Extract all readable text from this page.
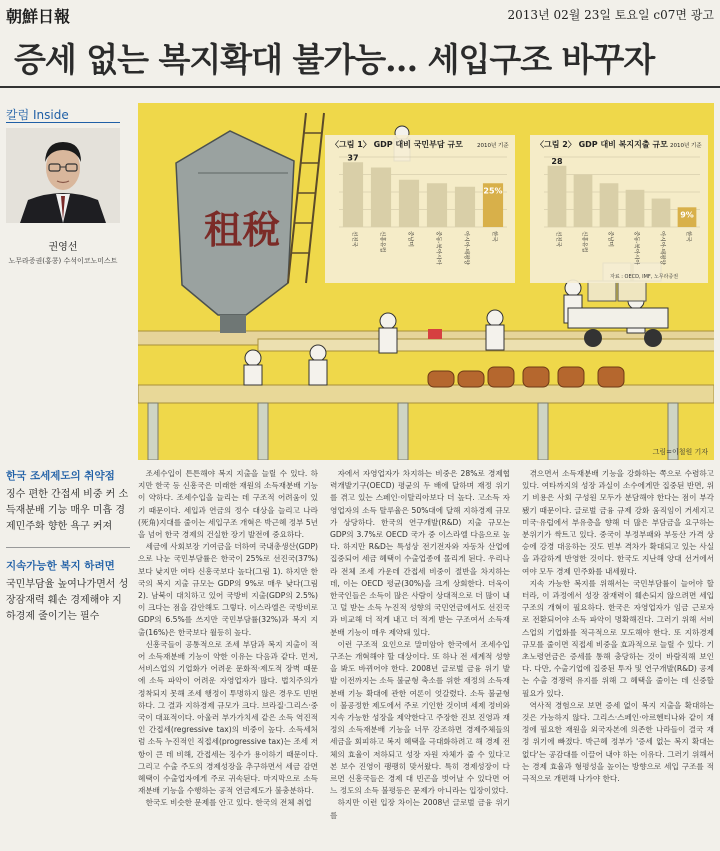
朝鮮日報	2013년 02월 23일 토요일 c07면 광고
증세 없는 복지확대 불가능… 세입구조 바꾸자
칼럼 Inside
권영선
노무라증권(홍콩) 수석이코노미스트
租稅
〈그림 1〉 GDP 대비 국민부담 규모	2010년 기준
37
선진국	신흥유럽	중남미	중동·북아시아	아시아·태평양
25%
한국
〈그림 2〉 GDP 대비 복지지출 규모 2010년 기준
28
선진국	신흥유럽	중남미	중동·북아시아	아시아·태평양
9%
한국
자료 : OECD, IMF, 노무라증권
그림=이철원 기자
한국 조세제도의 취약점

징수 편한 간접세 비중 커 소득재분배 기능 매우 미흡 경제민주화 향한 욕구 커져

지속가능한 복지 하려면

국민부담율 높여나가면서 성장잠재력 훼손 경제해야 지하경제 줄이기는 필수

조세수입이 튼튼해야 복지 지출을 늘릴 수 있다. 하지만 한국 등 신흥국은 미래한 재원의 소득재분배 기능이 약하다. 조세수입을 늘리는 데 구조적 어려움이 있기 때문이다. 세입과 연금의 정수 대상을 늘리고 나라(死角)지대를 줄이는 세입구조 개혁은 박근혜 정부 5년을 넘어 한국 경제의 건실한 장기 발전에 중요하다.

세금에 사회보장 기여금을 더하여 국내총생산(GDP)으로 나눈 국민부담률은 한국이 25%로 선진국(37%)보다 낮지만 여타 신흥국보다 높다(그림 1). 하지만 한국의 복지 지출 규모는 GDP의 9%로 매우 낮다(그림 2). 남북이 대치하고 있어 국방비 지출(GDP의 2.5%)이 크다는 점을 감안해도 그렇다. 이스라엘은 국방비로 GDP의 6.5%를 쓰지만 국민부담률(32%)과 복지 지출(16%)은 한국보다 월등히 높다.

신흥국들이 공통적으로 조세 부담과 복지 지출이 적어 소득재분배 기능이 약한 이유는 다음과 같다. 먼저, 서비스업의 기업화가 어려운 문화적·제도적 장벽 때문에 소득 파악이 어려운 자영업자가 많다. 법치주의가 정착되지 못해 조세 행정이 투명하지 않은 경우도 빈번하다. 그 결과 지하경제 규모가 크다. 브라질·그리스·중국이 대표적이다. 아울러 부가가치세 같은 소득 역진적인 간접세(regressive tax)의 비중이 높다. 소득세처럼 소득 누진적인 직접세(progressive tax)는 조세 저항이 큰 데 비해, 간접세는 징수가 용이하기 때문이다. 그리고 수출 주도의 경제성장을 추구하면서 세금 감면 혜택이 수출업자에게 주로 귀속된다. 마지막으로 소득재분배 기능을 수행하는 공적 연금제도가 불충분하다.

한국도 비슷한 문제를 안고 있다. 한국의 전체 취업

자에서 자영업자가 차지하는 비중은 28%로 경제협력개발기구(OECD) 평균의 두 배에 달하며 재정 위기를 겪고 있는 스페인·이탈리아보다 더 높다. 고소득 자영업자의 소득 탈루율은 50%대에 달해 지하경제 규모가 상당하다. 한국의 연구개발(R&D) 지출 규모는 GDP의 3.7%로 OECD 국가 중 이스라엘 다음으로 높다. 하지만 R&D는 특성상 전기전자와 자동차 산업에 집중되어 세금 혜택이 수출업종에 몰리게 된다. 우리나라 전체 조세 가운데 간접세 비중이 절반을 차지하는데, 이는 OECD 평균(30%)을 크게 상회한다. 더욱이 한국인들은 소득이 많은 사람이 상대적으로 더 많이 내고 덜 받는 소득 누진적 성향의 국민연금에서도 선진국과 비교해 더 적게 내고 더 적게 받는 구조여서 소득재분배 기능이 매우 제약돼 있다.

이런 구조적 요인으로 말미암아 한국에서 조세수입 구조는 개혁해야 할 대상이다. 또 하나 전 세계적 성향을 봐도 바뀌어야 한다. 2008년 글로벌 금융 위기 발발 이전까지는 소득 불균형 축소를 위한 재정의 소득재분배 기능 확대에 관한 여론이 엇갈렸다. 소득 불균형이 불공정한 제도에서 주로 기인한 것이며 세제 정비와 지속 가능한 성장을 제약한다고 주장한 진보 진영과 재정의 소득재분배 기능을 너무 강조하면 경제주체들의 세금을 회피하고 복지 혜택을 극대화하려고 해 경제 전체의 효율이 저하되고 성장 자원 자체가 줄 수 있다고 본 보수 진영이 팽팽히 맞서왔다. 특히 경제성장이 다르면 신흥국들은 경제 대 빈곤을 벗어날 수 있다면 어느 정도의 소득 불평등은 문제가 아니라는 입장이었다.

하지만 이런 입장 차이는 2008년 글로벌 금융 위기를

겪으면서 소득재분배 기능을 강화하는 쪽으로 수렴하고 있다. 여타까지의 성장 과실이 소수에게만 집중된 반면, 위기 비용은 사회 구성원 모두가 분담해야 한다는 점이 부각됐기 때문이다. 글로벌 금융 규제 강화 움직임이 거세지고 미국·유럽에서 부유층을 향해 더 많은 부담금을 요구하는 분위기가 싹트고 있다. 중국이 부정부패와 부동산 가격 상승에 강경 대응하는 것도 빈부 격차가 확대되고 있는 사실을 과감하게 반영한 것이다. 한국도 지난해 양대 선거에서 여야 모두 경제 민주화를 내세웠다.

지속 가능한 복지를 위해서는 국민부담률이 늘어야 할 터라, 이 과정에서 성장 잠재력이 훼손되지 않으려면 세입 구조의 개혁이 필요하다. 한국은 자영업자가 임금 근로자로 전환되어야 소득 파악이 명확해진다. 그러기 위해 서비스업의 기업화를 적극적으로 모도해야 한다. 또 지하경제 규모를 줄이면 직접세 비중을 효과적으로 늘릴 수 있다. 기초노령연금은 증세를 통해 충당하는 것이 바람직해 보인다. 다만, 수출기업에 집중된 투자 및 연구개발(R&D) 공제는 수출 경쟁력 유지를 위해 그 혜택을 줄이는 데 신중할 필요가 있다.

역사적 경험으로 보면 증세 없이 복지 지출을 확대하는 것은 가능하지 않다. 그리스·스페인·아르헨티나와 같이 재정에 필요한 재원을 외국자본에 의존한 나라들이 결국 재정 위기에 빠졌다. 박근혜 정부가 '증세 없는 복지 확대는 없다'는 공감대를 이끌어 내야 하는 이유다. 그러기 위해서는 경제 효율과 형평성을 높이는 방향으로 세입 구조를 적극적으로 개편해 나가야 한다.
